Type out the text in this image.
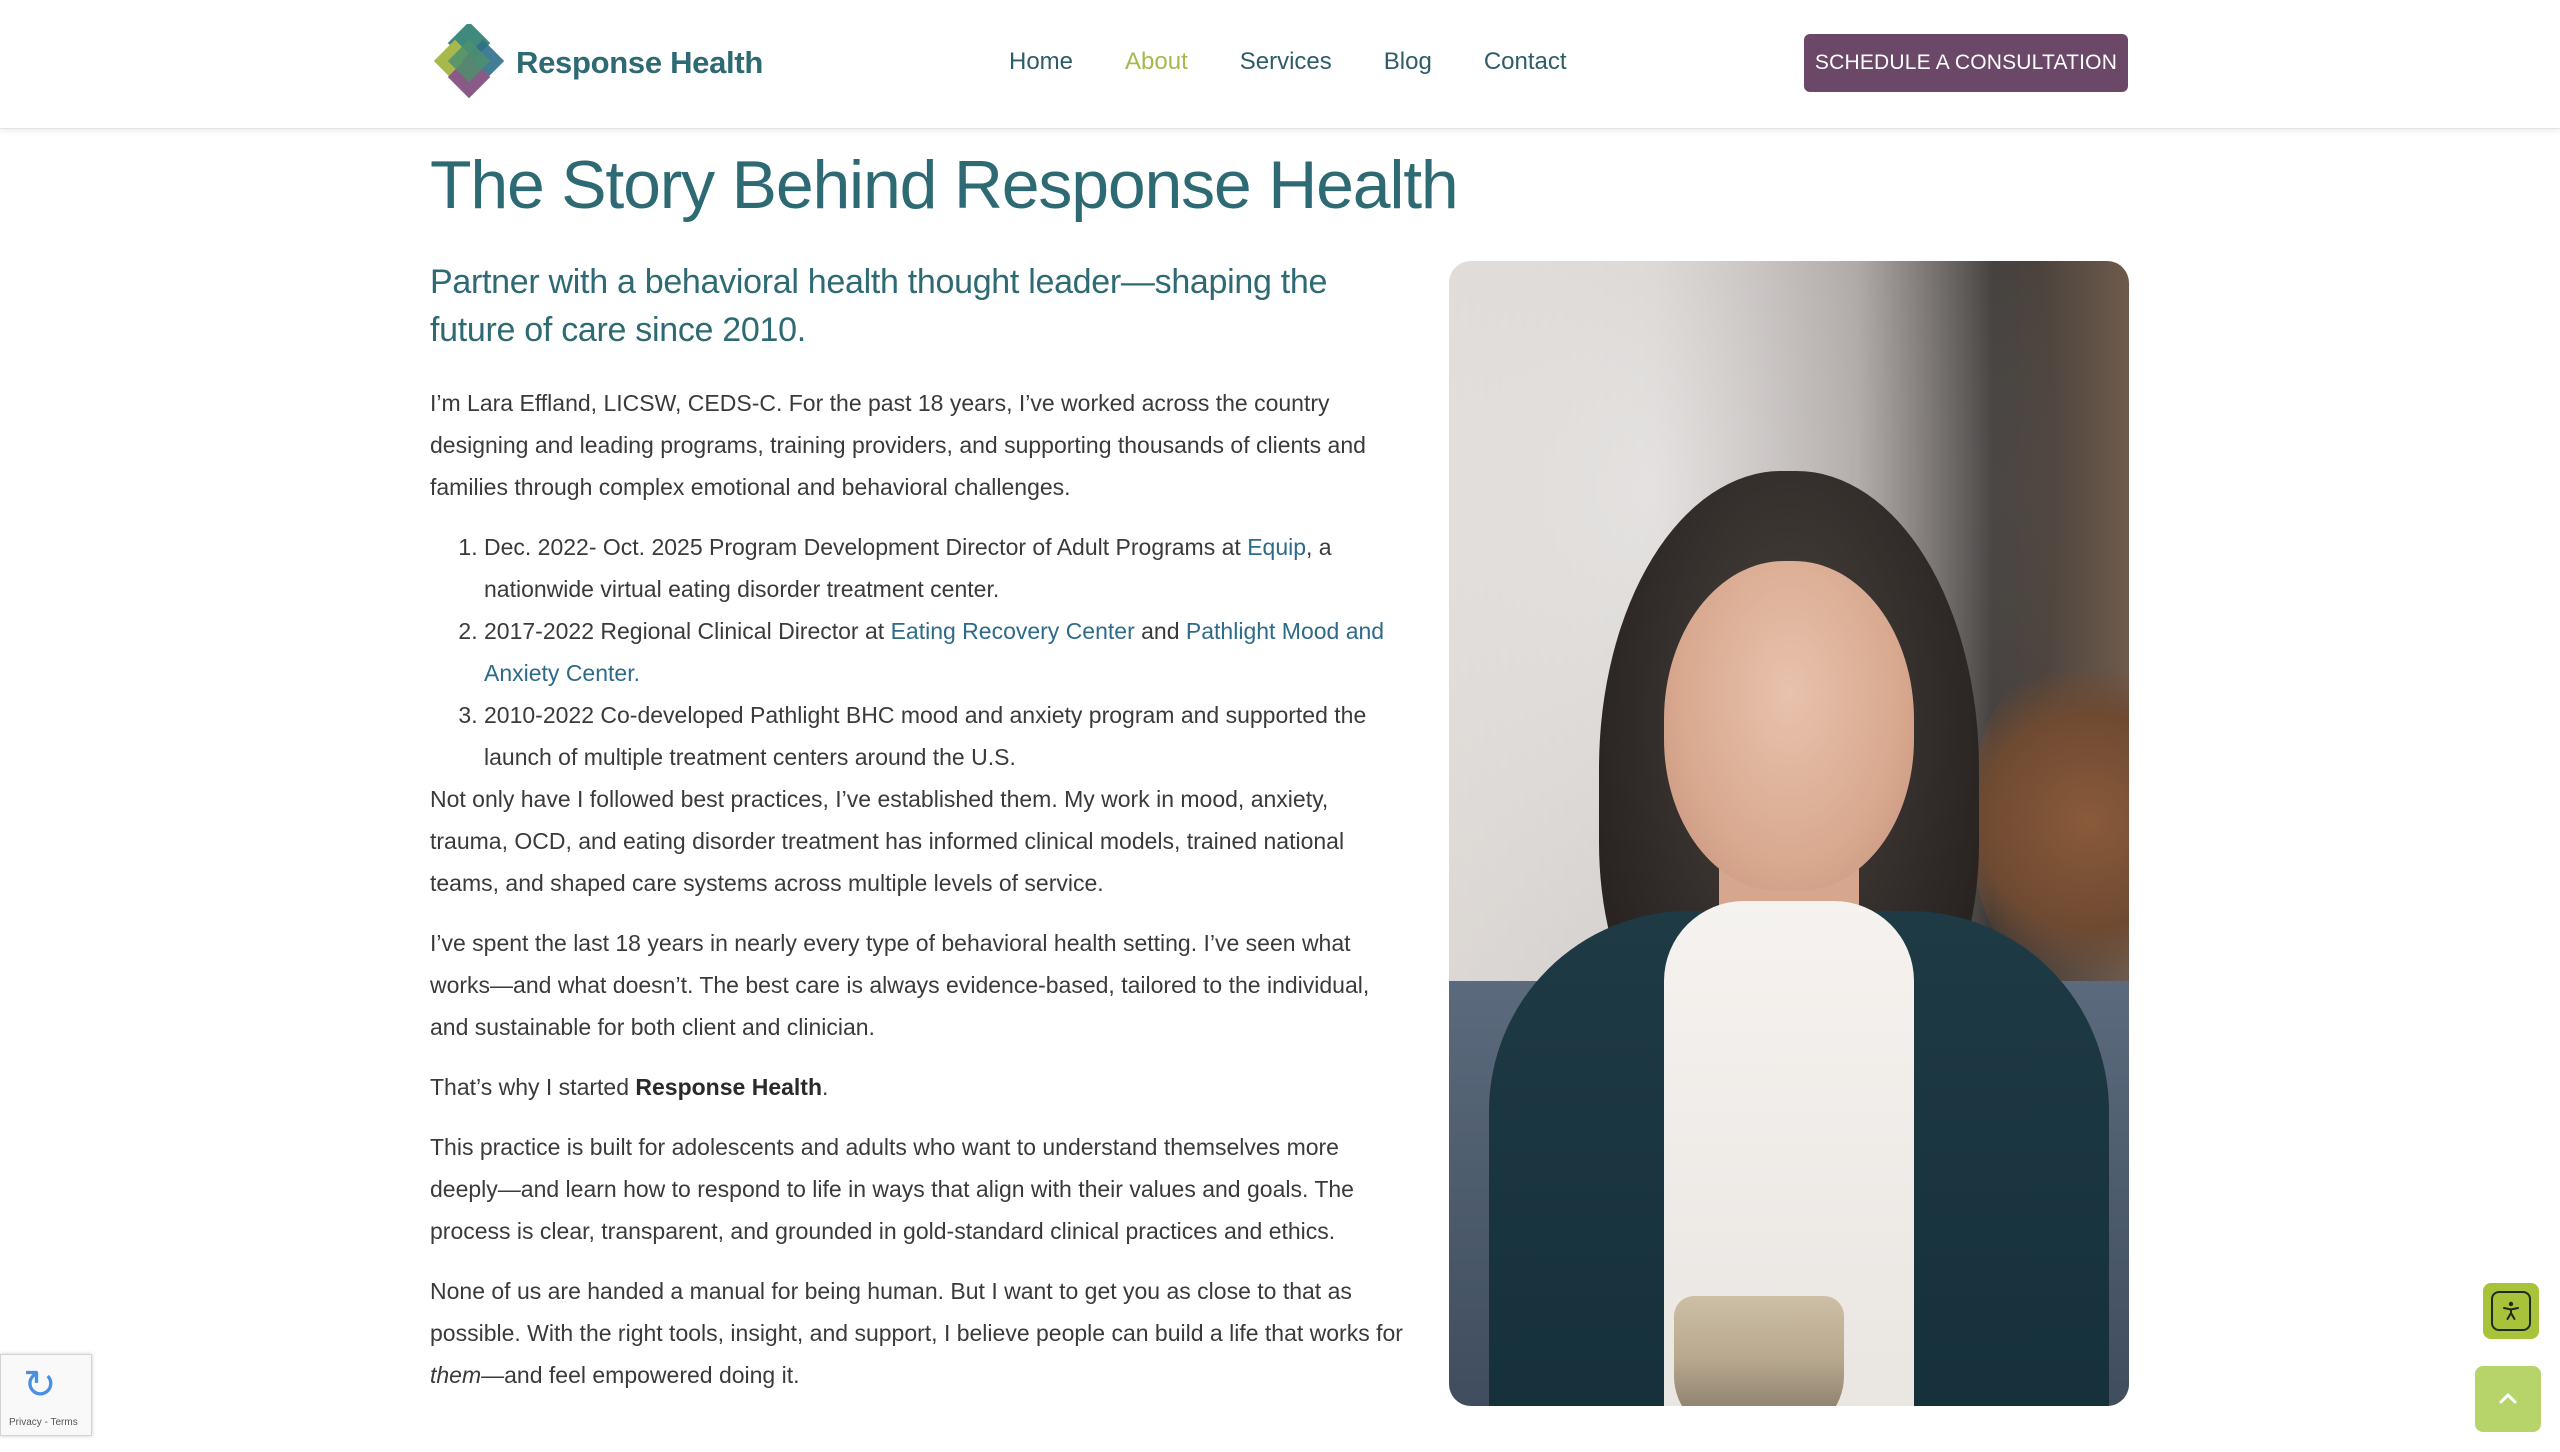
Response Health	Home About Services Blog Contact	SCHEDULE A CONSULTATION
The Story Behind Response Health
Partner with a behavioral health thought leader—shaping the future of care since 2010.

I’m Lara Effland, LICSW, CEDS-C. For the past 18 years, I’ve worked across the country designing and leading programs, training providers, and supporting thousands of clients and families through complex emotional and behavioral challenges.

1. Dec. 2022- Oct. 2025 Program Development Director of Adult Programs at Equip, a nationwide virtual eating disorder treatment center.
2. 2017-2022 Regional Clinical Director at Eating Recovery Center and Pathlight Mood and Anxiety Center.
3. 2010-2022 Co-developed Pathlight BHC mood and anxiety program and supported the launch of multiple treatment centers around the U.S.

Not only have I followed best practices, I’ve established them. My work in mood, anxiety, trauma, OCD, and eating disorder treatment has informed clinical models, trained national teams, and shaped care systems across multiple levels of service.

I’ve spent the last 18 years in nearly every type of behavioral health setting. I’ve seen what works—and what doesn’t. The best care is always evidence-based, tailored to the individual, and sustainable for both client and clinician.

That’s why I started Response Health.

This practice is built for adolescents and adults who want to understand themselves more deeply—and learn how to respond to life in ways that align with their values and goals. The process is clear, transparent, and grounded in gold-standard clinical practices and ethics.

None of us are handed a manual for being human. But I want to get you as close to that as possible. With the right tools, insight, and support, I believe people can build a life that works for them—and feel empowered doing it.

↻
Privacy - Terms
